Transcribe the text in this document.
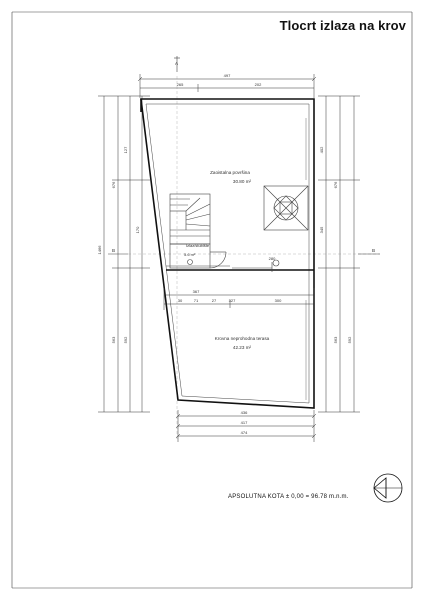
Tlocrt izlaza na krov
497
265	202
A
1466
676
563 592
127
170
402
345
676
563 592
B	B
Izlaz/stubište
5.6 m²
Zaoistalna površina
30.80 m²
Krovna neprohodna terasa
42.23 m²
367
30	71	27	327	300
280
436
417
474
APSOLUTNA KOTA ± 0,00 = 96.78 m.n.m.
